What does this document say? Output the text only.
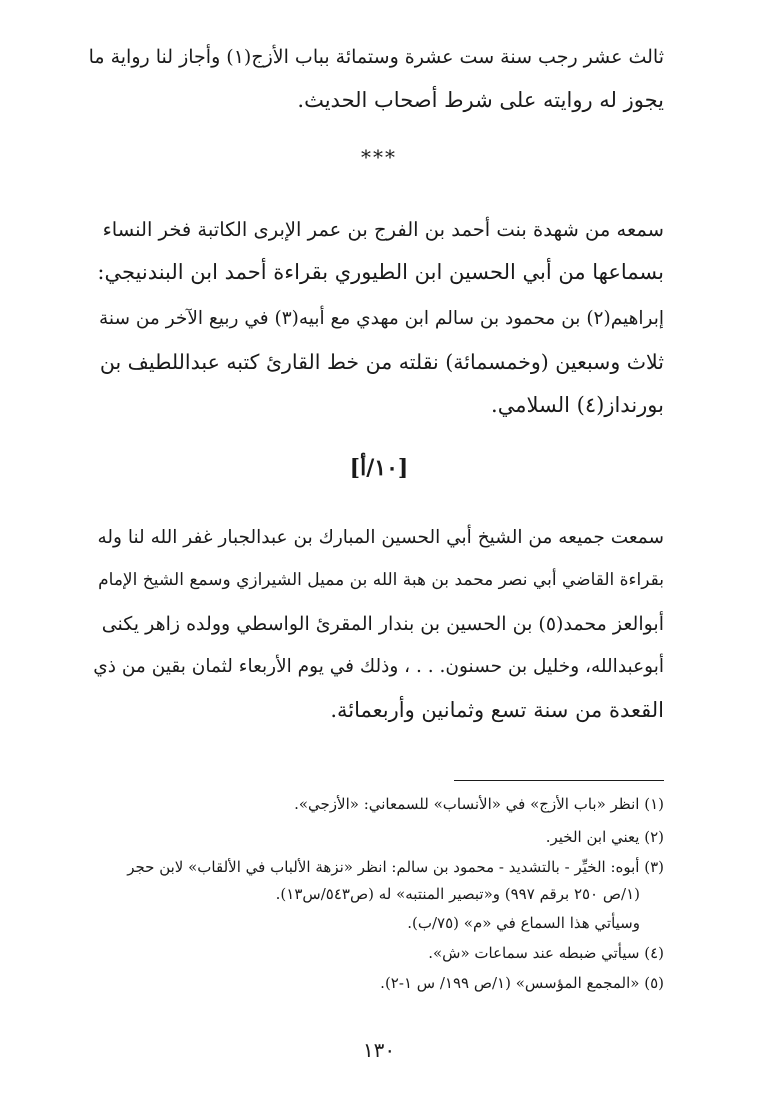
ثالث عشر رجب سنة ست عشرة وستمائة بباب الأزج(١) وأجاز لنا رواية ما
يجوز له روايته على شرط أصحاب الحديث.
***
سمعه من شهدة بنت أحمد بن الفرج بن عمر الإبرى الكاتبة فخر النساء
بسماعها من أبي الحسين ابن الطيوري بقراءة أحمد ابن البندنيجي:
إبراهيم(٢) بن محمود بن سالم ابن مهدي مع أبيه(٣) في ربيع الآخر من سنة
ثلاث وسبعين (وخمسمائة) نقلته من خط القارئ كتبه عبداللطيف بن
بورنداز(٤) السلامي.
[١٠/أ]
سمعت جميعه من الشيخ أبي الحسين المبارك بن عبدالجبار غفر الله لنا وله
بقراءة القاضي أبي نصر محمد بن هبة الله بن مميل الشيرازي وسمع الشيخ الإمام
أبوالعز محمد(٥) بن الحسين بن بندار المقرئ الواسطي وولده زاهر يكنى
أبوعبدالله، وخليل بن حسنون. . . ، وذلك في يوم الأربعاء لثمان بقين من ذي
القعدة من سنة تسع وثمانين وأربعمائة.
(١) انظر «باب الأزج» في «الأنساب» للسمعاني: «الأزجي».
(٢) يعني ابن الخير.
(٣) أبوه: الخيِّر - بالتشديد - محمود بن سالم: انظر «نزهة الألباب في الألقاب» لابن حجر
(١/ص ٢٥٠ برقم ٩٩٧) و«تبصير المنتبه» له (ص٥٤٣/س١٣).
وسيأتي هذا السماع في «م» (٧٥/ب).
(٤) سيأتي ضبطه عند سماعات «ش».
(٥) «المجمع المؤسس» (١/ص ١٩٩/ س ١-٢).
١٣٠
